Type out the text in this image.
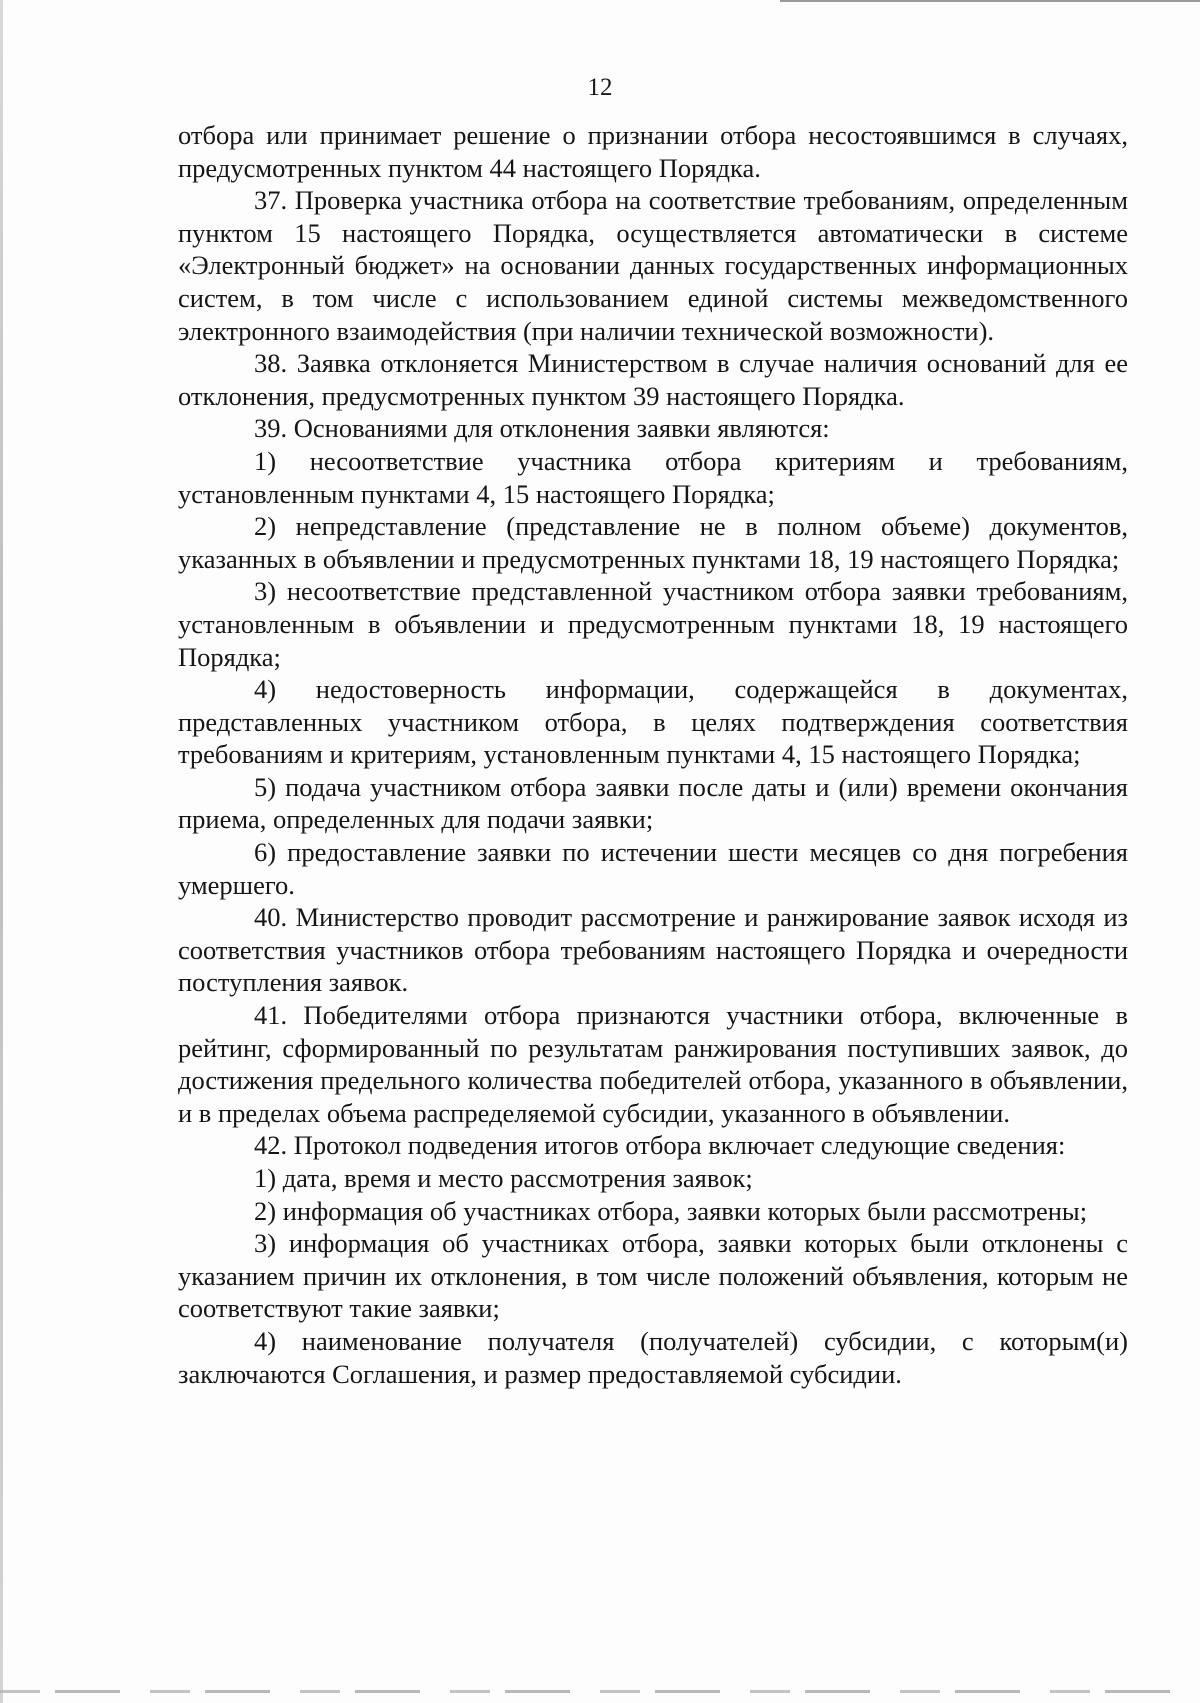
12

отбора или принимает решение о признании отбора несостоявшимся в случаях, предусмотренных пунктом 44 настоящего Порядка.

37. Проверка участника отбора на соответствие требованиям, определенным пунктом 15 настоящего Порядка, осуществляется автоматически в системе «Электронный бюджет» на основании данных государственных информационных систем, в том числе с использованием единой системы межведомственного электронного взаимодействия (при наличии технической возможности).

38. Заявка отклоняется Министерством в случае наличия оснований для ее отклонения, предусмотренных пунктом 39 настоящего Порядка.

39. Основаниями для отклонения заявки являются:

1) несоответствие участника отбора критериям и требованиям, установленным пунктами 4, 15 настоящего Порядка;

2) непредставление (представление не в полном объеме) документов, указанных в объявлении и предусмотренных пунктами 18, 19 настоящего Порядка;

3) несоответствие представленной участником отбора заявки требованиям, установленным в объявлении и предусмотренным пунктами 18, 19 настоящего Порядка;

4) недостоверность информации, содержащейся в документах, представленных участником отбора, в целях подтверждения соответствия требованиям и критериям, установленным пунктами 4, 15 настоящего Порядка;

5) подача участником отбора заявки после даты и (или) времени окончания приема, определенных для подачи заявки;

6) предоставление заявки по истечении шести месяцев со дня погребения умершего.

40. Министерство проводит рассмотрение и ранжирование заявок исходя из соответствия участников отбора требованиям настоящего Порядка и очередности поступления заявок.

41. Победителями отбора признаются участники отбора, включенные в рейтинг, сформированный по результатам ранжирования поступивших заявок, до достижения предельного количества победителей отбора, указанного в объявлении, и в пределах объема распределяемой субсидии, указанного в объявлении.

42. Протокол подведения итогов отбора включает следующие сведения:

1) дата, время и место рассмотрения заявок;

2) информация об участниках отбора, заявки которых были рассмотрены;

3) информация об участниках отбора, заявки которых были отклонены с указанием причин их отклонения, в том числе положений объявления, которым не соответствуют такие заявки;

4) наименование получателя (получателей) субсидии, с которым(и) заключаются Соглашения, и размер предоставляемой субсидии.
